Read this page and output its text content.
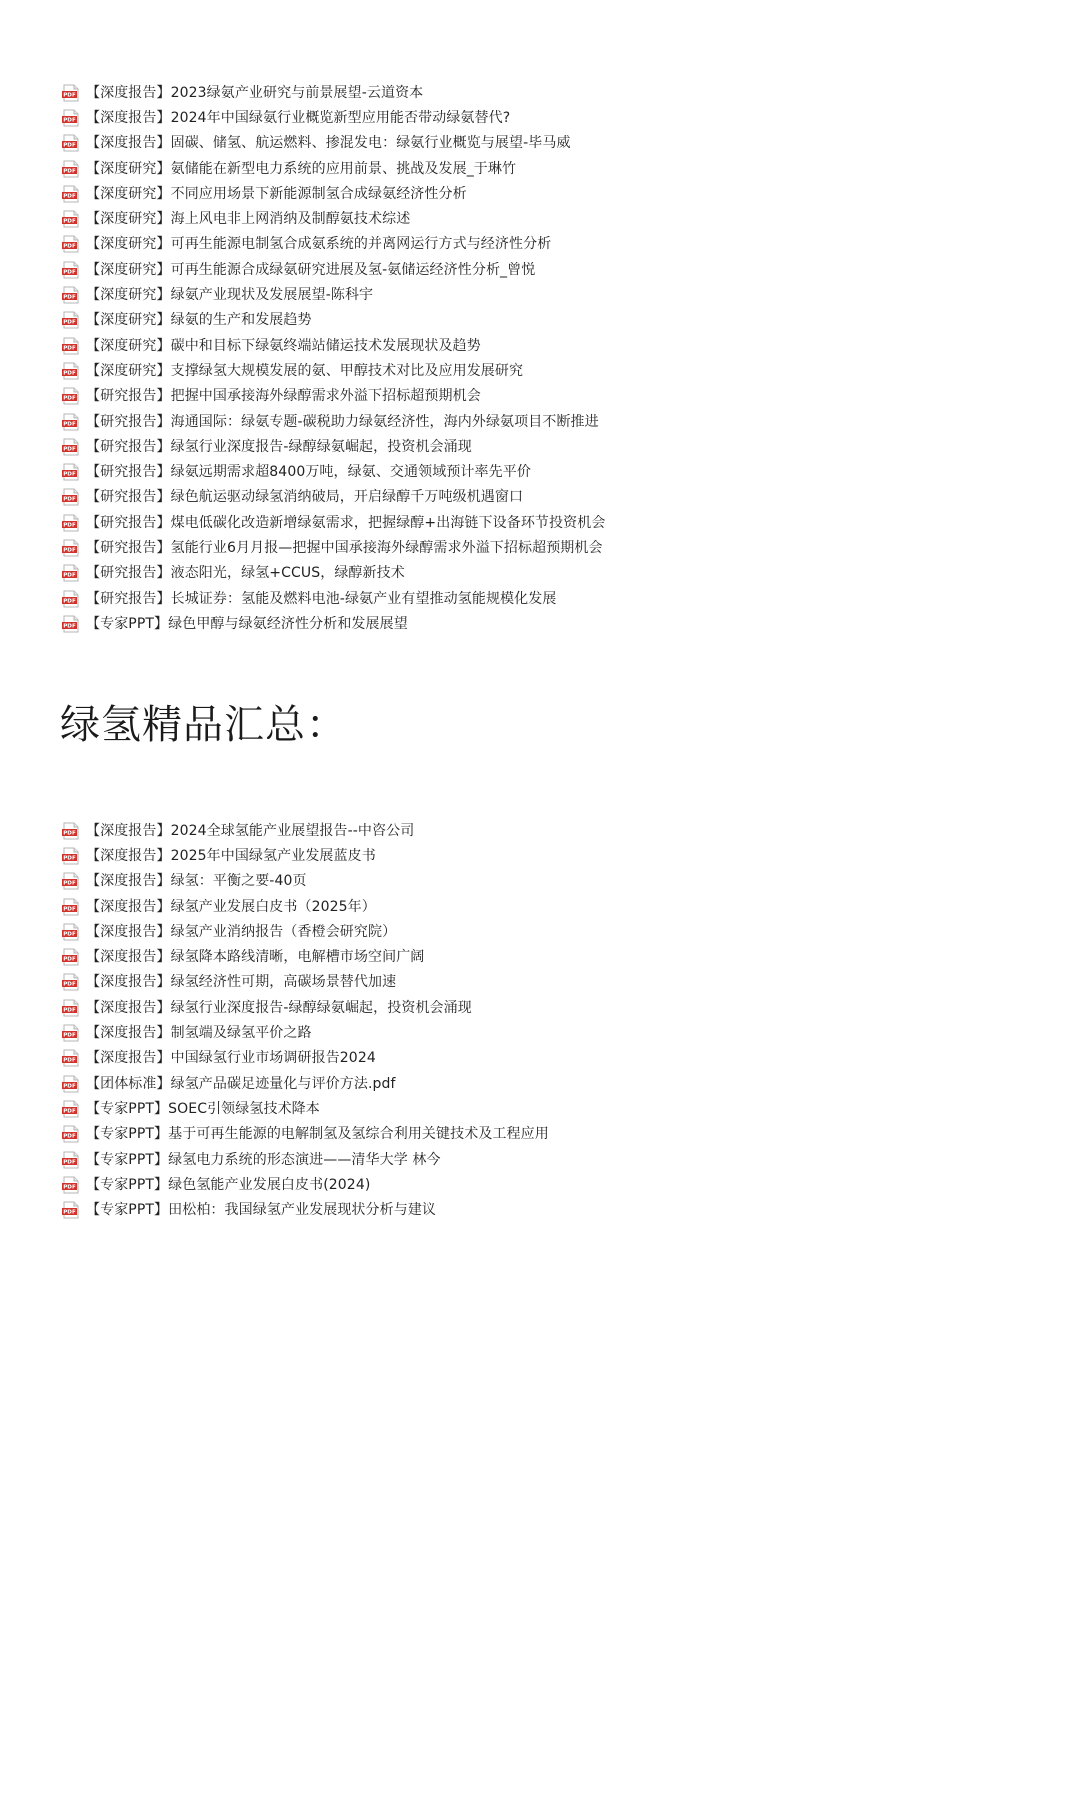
PDF 【深度报告】2023绿氨产业研究与前景展望-云道资本
PDF 【深度报告】2024年中国绿氨行业概览新型应用能否带动绿氨替代?
PDF 【深度报告】固碳、储氢、航运燃料、掺混发电：绿氨行业概览与展望-毕马威
PDF 【深度研究】氨储能在新型电力系统的应用前景、挑战及发展_于琳竹
PDF 【深度研究】不同应用场景下新能源制氢合成绿氨经济性分析
PDF 【深度研究】海上风电非上网消纳及制醇氨技术综述
PDF 【深度研究】可再生能源电制氢合成氨系统的并离网运行方式与经济性分析
PDF 【深度研究】可再生能源合成绿氨研究进展及氢-氨储运经济性分析_曾悦
PDF 【深度研究】绿氨产业现状及发展展望-陈科宇
PDF 【深度研究】绿氨的生产和发展趋势
PDF 【深度研究】碳中和目标下绿氨终端站储运技术发展现状及趋势
PDF 【深度研究】支撑绿氢大规模发展的氨、甲醇技术对比及应用发展研究
PDF 【研究报告】把握中国承接海外绿醇需求外溢下招标超预期机会
PDF 【研究报告】海通国际：绿氨专题-碳税助力绿氨经济性，海内外绿氨项目不断推进
PDF 【研究报告】绿氢行业深度报告-绿醇绿氨崛起，投资机会涌现
PDF 【研究报告】绿氨远期需求超8400万吨，绿氨、交通领域预计率先平价
PDF 【研究报告】绿色航运驱动绿氢消纳破局，开启绿醇千万吨级机遇窗口
PDF 【研究报告】煤电低碳化改造新增绿氨需求，把握绿醇+出海链下设备环节投资机会
PDF 【研究报告】氢能行业6月月报—把握中国承接海外绿醇需求外溢下招标超预期机会
PDF 【研究报告】液态阳光，绿氢+CCUS，绿醇新技术
PDF 【研究报告】长城证券：氢能及燃料电池-绿氨产业有望推动氢能规模化发展
PDF 【专家PPT】绿色甲醇与绿氨经济性分析和发展展望
绿氢精品汇总：
PDF 【深度报告】2024全球氢能产业展望报告--中咨公司
PDF 【深度报告】2025年中国绿氢产业发展蓝皮书
PDF 【深度报告】绿氢：平衡之要-40页
PDF 【深度报告】绿氢产业发展白皮书（2025年）
PDF 【深度报告】绿氢产业消纳报告（香橙会研究院）
PDF 【深度报告】绿氢降本路线清晰，电解槽市场空间广阔
PDF 【深度报告】绿氢经济性可期，高碳场景替代加速
PDF 【深度报告】绿氢行业深度报告-绿醇绿氨崛起，投资机会涌现
PDF 【深度报告】制氢端及绿氢平价之路
PDF 【深度报告】中国绿氢行业市场调研报告2024
PDF 【团体标准】绿氢产品碳足迹量化与评价方法.pdf
PDF 【专家PPT】SOEC引领绿氢技术降本
PDF 【专家PPT】基于可再生能源的电解制氢及氢综合利用关键技术及工程应用
PDF 【专家PPT】绿氢电力系统的形态演进——清华大学 林今
PDF 【专家PPT】绿色氢能产业发展白皮书(2024)
PDF 【专家PPT】田松柏：我国绿氢产业发展现状分析与建议
